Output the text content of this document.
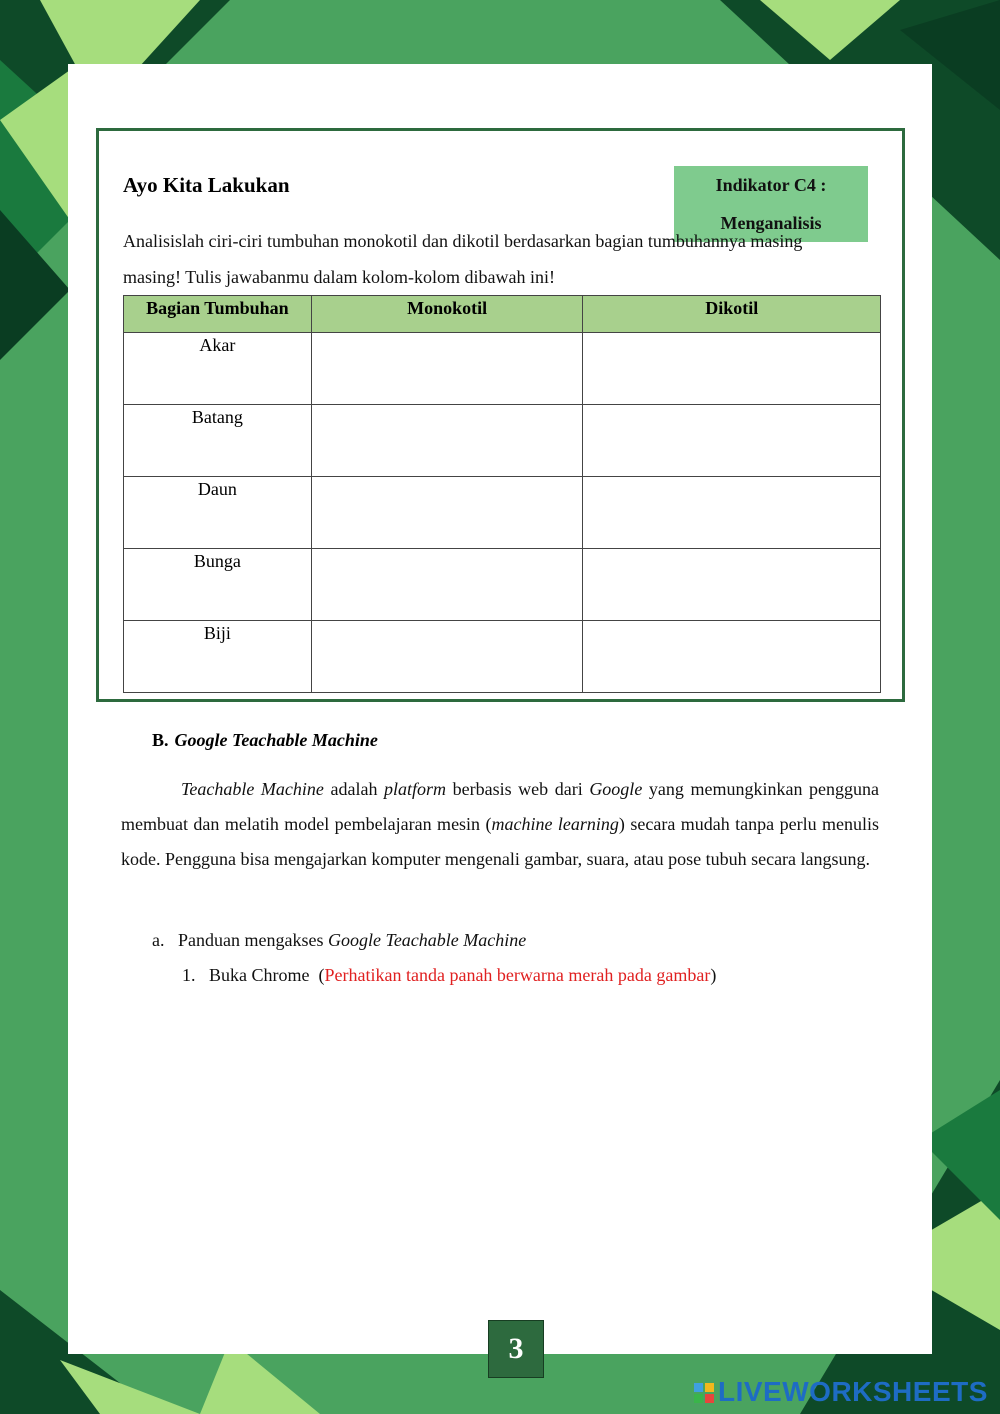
Ayo Kita Lakukan	Indikator C4 :
Menganalisis
Analisislah ciri-ciri tumbuhan monokotil dan dikotil berdasarkan bagian tumbuhannya masing masing! Tulis jawabanmu dalam kolom-kolom dibawah ini!
Bagian Tumbuhan	Monokotil	Dikotil
Akar		
Batang		
Daun		
Bunga		
Biji		
B. Google Teachable Machine
Teachable Machine adalah platform berbasis web dari Google yang memungkinkan pengguna membuat dan melatih model pembelajaran mesin (machine learning) secara mudah tanpa perlu menulis kode. Pengguna bisa mengajarkan komputer mengenali gambar, suara, atau pose tubuh secara langsung.
a. Panduan mengakses Google Teachable Machine
1. Buka Chrome (Perhatikan tanda panah berwarna merah pada gambar)
3
LIVEWORKSHEETS
